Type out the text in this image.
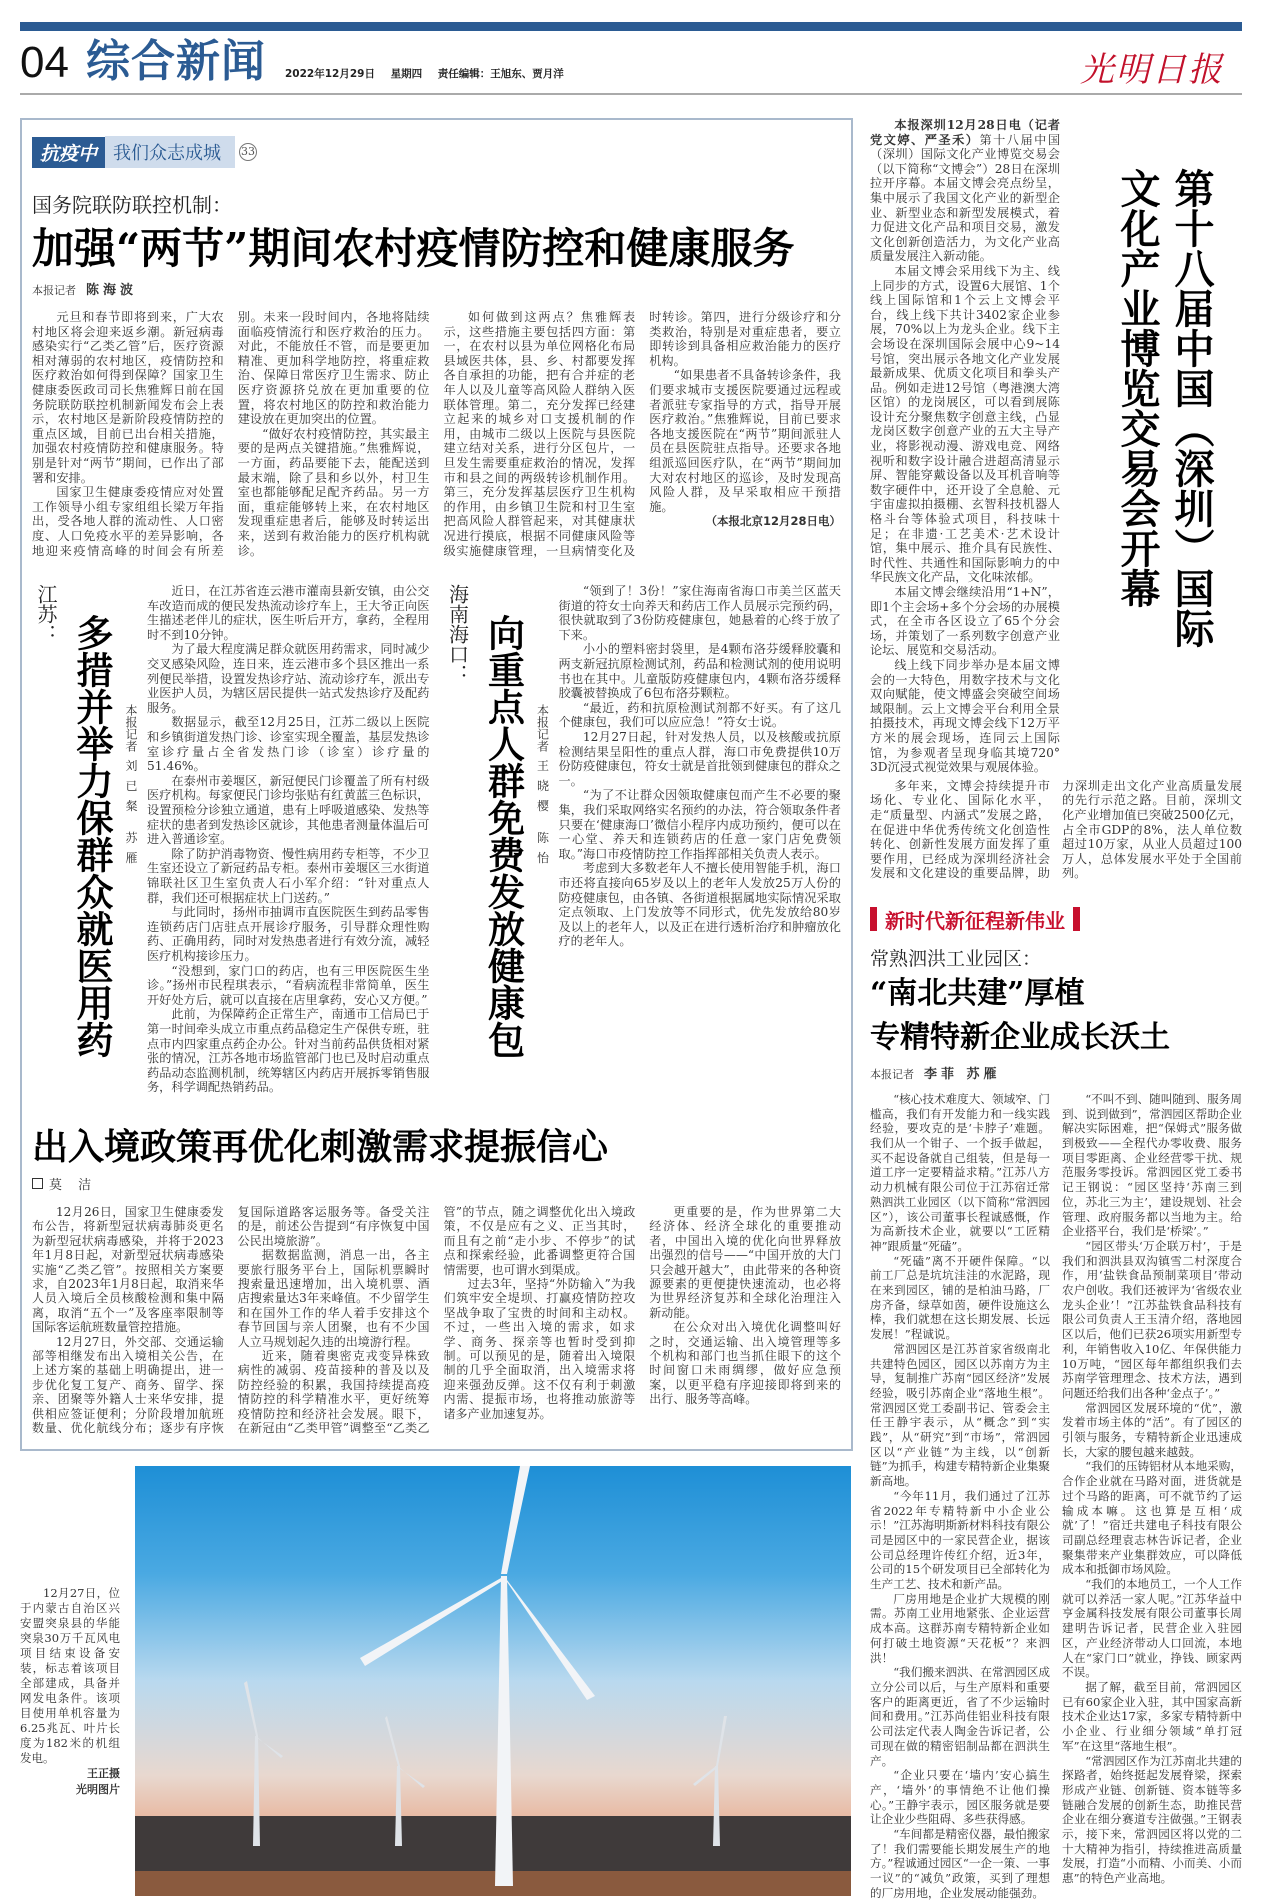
04 综合新闻 2022年12月29日 星期四 责任编辑：王旭东、贾月洋	光明日报
抗疫中 我们众志成城	33
国务院联防联控机制：
加强“两节”期间农村疫情防控和健康服务
本报记者 陈海波

元旦和春节即将到来，广大农村地区将会迎来返乡潮。新冠病毒感染实行“乙类乙管”后，医疗资源相对薄弱的农村地区，疫情防控和医疗救治如何得到保障？国家卫生健康委医政司司长焦雅辉日前在国务院联防联控机制新闻发布会上表示，农村地区是新阶段疫情防控的重点区域，目前已出台相关措施，加强农村疫情防控和健康服务。特别是针对“两节”期间，已作出了部署和安排。

国家卫生健康委疫情应对处置工作领导小组专家组组长梁万年指出，受各地人群的流动性、人口密度、人口免疫水平的差异影响，各地迎来疫情高峰的时间会有所差别。未来一段时间内，各地将陆续面临疫情流行和医疗救治的压力。对此，不能放任不管，而是要更加精准、更加科学地防控，将重症救治、保障日常医疗卫生需求、防止医疗资源挤兑放在更加重要的位置，将农村地区的防控和救治能力建设放在更加突出的位置。

“做好农村疫情防控，其实最主要的是两点关键措施。”焦雅辉说，一方面，药品要能下去，能配送到最末端，除了县和乡以外，村卫生室也都能够配足配齐药品。另一方面，重症能够转上来，在农村地区发现重症患者后，能够及时转运出来，送到有救治能力的医疗机构就诊。

如何做到这两点？焦雅辉表示，这些措施主要包括四方面：第一，在农村以县为单位网格化布局县域医共体，县、乡、村都要发挥各自承担的功能，把有合并症的老年人以及儿童等高风险人群纳入医联体管理。第二，充分发挥已经建立起来的城乡对口支援机制的作用，由城市二级以上医院与县医院建立结对关系，进行分区包片，一旦发生需要重症救治的情况，发挥市和县之间的两级转诊机制作用。第三，充分发挥基层医疗卫生机构的作用，由乡镇卫生院和村卫生室把高风险人群管起来，对其健康状况进行摸底，根据不同健康风险等级实施健康管理，一旦病情变化及时转诊。第四，进行分级诊疗和分类救治，特别是对重症患者，要立即转诊到具备相应救治能力的医疗机构。

“如果患者不具备转诊条件，我们要求城市支援医院要通过远程或者派驻专家指导的方式，指导开展医疗救治。”焦雅辉说，目前已要求各地支援医院在“两节”期间派驻人员在县医院驻点指导。还要求各地组派巡回医疗队，在“两节”期间加大对农村地区的巡诊，及时发现高风险人群，及早采取相应干预措施。

（本报北京12月28日电）
江苏： 多措并举力保群众就医用药 本报记者  刘已粲 苏雁

近日，在江苏省连云港市灌南县新安镇，由公交车改造而成的便民发热流动诊疗车上，王大爷正向医生描述老伴儿的症状，医生听后开方，拿药，全程用时不到10分钟。

为了最大程度满足群众就医用药需求，同时减少交叉感染风险，连日来，连云港市多个县区推出一系列便民举措，设置发热诊疗站、流动诊疗车，派出专业医护人员，为辖区居民提供一站式发热诊疗及配药服务。

数据显示，截至12月25日，江苏二级以上医院和乡镇街道发热门诊、诊室实现全覆盖，基层发热诊室诊疗量占全省发热门诊（诊室）诊疗量的51.46%。

在泰州市姜堰区，新冠便民门诊覆盖了所有村级医疗机构。每家便民门诊均张贴有红黄蓝三色标识，设置预检分诊独立通道，患有上呼吸道感染、发热等症状的患者到发热诊区就诊，其他患者测量体温后可进入普通诊室。

除了防护消毒物资、慢性病用药专柜等，不少卫生室还设立了新冠药品专柜。泰州市姜堰区三水街道锦联社区卫生室负责人石小军介绍：“针对重点人群，我们还可根据症状上门送药。”

与此同时，扬州市抽调市直医院医生到药品零售连锁药店门店驻点开展诊疗服务，引导群众理性购药、正确用药，同时对发热患者进行有效分流，减轻医疗机构接诊压力。

“没想到，家门口的药店，也有三甲医院医生坐诊。”扬州市民程琪表示，“看病流程非常简单，医生开好处方后，就可以直接在店里拿药，安心又方便。”

此前，为保障药企正常生产，南通市工信局已于第一时间牵头成立市重点药品稳定生产保供专班，驻点市内四家重点药企办公。针对当前药品供货相对紧张的情况，江苏各地市场监管部门也已及时启动重点药品动态监测机制，统筹辖区内药店开展拆零销售服务，科学调配热销药品。

海南海口： 向重点人群免费发放健康包 本报记者  王晓樱 陈怡

“领到了！3份！”家住海南省海口市美兰区蓝天街道的符女士向养天和药店工作人员展示完预约码，很快就取到了3份防疫健康包，她悬着的心终于放了下来。

小小的塑料密封袋里，是4颗布洛芬缓释胶囊和两支新冠抗原检测试剂，药品和检测试剂的使用说明书也在其中。儿童版防疫健康包内，4颗布洛芬缓释胶囊被替换成了6包布洛芬颗粒。

“最近，药和抗原检测试剂都不好买。有了这几个健康包，我们可以应应急！”符女士说。

12月27日起，针对发热人员，以及核酸或抗原检测结果呈阳性的重点人群，海口市免费提供10万份防疫健康包，符女士就是首批领到健康包的群众之一。

“为了不让群众因领取健康包而产生不必要的聚集，我们采取网络实名预约的办法，符合领取条件者只要在‘健康海口’微信小程序内成功预约，便可以在一心堂、养天和连锁药店的任意一家门店免费领取。”海口市疫情防控工作指挥部相关负责人表示。

考虑到大多数老年人不擅长使用智能手机，海口市还将直接向65岁及以上的老年人发放25万人份的防疫健康包，由各镇、各街道根据属地实际情况采取定点领取、上门发放等不同形式，优先发放给80岁及以上的老年人，以及正在进行透析治疗和肿瘤放化疗的老年人。

出入境政策再优化刺激需求提振信心
莫 洁

12月26日，国家卫生健康委发布公告，将新型冠状病毒肺炎更名为新型冠状病毒感染，并将于2023年1月8日起，对新型冠状病毒感染实施“乙类乙管”。按照相关方案要求，自2023年1月8日起，取消来华人员入境后全员核酸检测和集中隔离，取消“五个一”及客座率限制等国际客运航班数量管控措施。

12月27日，外交部、交通运输部等相继发布出入境相关公告，在上述方案的基础上明确提出，进一步优化复工复产、商务、留学、探亲、团聚等外籍人士来华安排，提供相应签证便利；分阶段增加航班数量、优化航线分布；逐步有序恢复国际道路客运服务等。备受关注的是，前述公告提到“有序恢复中国公民出境旅游”。

据数据监测，消息一出，各主要旅行服务平台上，国际机票瞬时搜索量迅速增加，出入境机票、酒店搜索量达3年来峰值。不少留学生和在国外工作的华人着手安排这个春节回国与亲人团聚，也有不少国人立马规划起久违的出境游行程。

近来，随着奥密克戎变异株致病性的减弱、疫苗接种的普及以及防控经验的积累，我国持续提高疫情防控的科学精准水平，更好统筹疫情防控和经济社会发展。眼下，在新冠由“乙类甲管”调整至“乙类乙管”的节点，随之调整优化出入境政策，不仅是应有之义、正当其时，而且有之前“走小步、不停步”的试点和探索经验，此番调整更符合国情需要，也可谓水到渠成。

过去3年，坚持“外防输入”为我们筑牢安全堤坝、打赢疫情防控攻坚战争取了宝贵的时间和主动权。不过，一些出入境的需求，如求学、商务、探亲等也暂时受到抑制。可以预见的是，随着出入境限制的几乎全面取消，出入境需求将迎来强劲反弹。这不仅有利于刺激内需、提振市场，也将推动旅游等诸多产业加速复苏。

更重要的是，作为世界第二大经济体、经济全球化的重要推动者，中国出入境的优化向世界释放出强烈的信号——“中国开放的大门只会越开越大”，由此带来的各种资源要素的更便捷快速流动，也必将为世界经济复苏和全球化治理注入新动能。

在公众对出入境优化调整叫好之时，交通运输、出入境管理等多个机构和部门也当抓住眼下的这个时间窗口未雨绸缪，做好应急预案，以更平稳有序迎接即将到来的出行、服务等高峰。

12月27日，位于内蒙古自治区兴安盟突泉县的华能突泉30万千瓦风电项目结束设备安装，标志着该项目全部建成，具备并网发电条件。该项目使用单机容量为6.25兆瓦、叶片长度为182米的机组发电。

王正摄
光明图片

本报深圳12月28日电（记者党文婷、严圣禾）第十八届中国（深圳）国际文化产业博览交易会（以下简称“文博会”）28日在深圳拉开序幕。本届文博会亮点纷呈，集中展示了我国文化产业的新型企业、新型业态和新型发展模式，着力促进文化产品和项目交易，激发文化创新创造活力，为文化产业高质量发展注入新动能。

本届文博会采用线下为主、线上同步的方式，设置6大展馆、1个线上国际馆和1个云上文博会平台，线上线下共计3402家企业参展，70%以上为龙头企业。线下主会场设在深圳国际会展中心9~14号馆，突出展示各地文化产业发展最新成果、优质文化项目和拳头产品。例如走进12号馆（粤港澳大湾区馆）的龙岗展区，可以看到展陈设计充分聚焦数字创意主线，凸显龙岗区数字创意产业的五大主导产业，将影视动漫、游戏电竞、网络视听和数字设计融合进超高清显示屏、智能穿戴设备以及耳机音响等数字硬件中，还开设了全息舱、元宇宙虚拟拍摄棚、玄智科技机器人格斗台等体验式项目，科技味十足；在非遗·工艺美术·艺术设计馆，集中展示、推介具有民族性、时代性、共通性和国际影响力的中华民族文化产品，文化味浓郁。

本届文博会继续沿用“1+N”，即1个主会场+多个分会场的办展模式，在全市各区设立了65个分会场，并策划了一系列数字创意产业论坛、展览和交易活动。

线上线下同步举办是本届文博会的一大特色，用数字技术与文化双向赋能，使文博盛会突破空间场域限制。云上文博会平台利用全景拍摄技术，再现文博会线下12万平方米的展会现场，连同云上国际馆，为参观者呈现身临其境720° 3D沉浸式视觉效果与观展体验。

第十八届中国（深圳）国际
文化产业博览交易会开幕

多年来，文博会持续提升市场化、专业化、国际化水平，走“质量型、内涵式”发展之路，在促进中华优秀传统文化创造性转化、创新性发展方面发挥了重要作用，已经成为深圳经济社会发展和文化建设的重要品牌，助力深圳走出文化产业高质量发展的先行示范之路。目前，深圳文化产业增加值已突破2500亿元，占全市GDP的8%，法人单位数超过10万家，从业人员超过100万人，总体发展水平处于全国前列。

新时代新征程新伟业
常熟泗洪工业园区：
“南北共建”厚植
专精特新企业成长沃土
本报记者 李菲 苏雁

“核心技术难度大、领域窄、门槛高，我们有开发能力和一线实践经验，要攻克的是‘卡脖子’难题。我们从一个钳子、一个扳手做起，买不起设备就自己组装，但是每一道工序一定要精益求精。”江苏八方动力机械有限公司位于江苏宿迁常熟泗洪工业园区（以下简称“常泗园区”），该公司董事长程诚感慨，作为高新技术企业，就要以“工匠精神”跟质量“死磕”。

“死磕”离不开硬件保障。“以前工厂总是坑坑洼洼的水泥路，现在来到园区，铺的是柏油马路，厂房齐备，绿草如茵，硬件设施这么棒，我们就想在这长期发展、长远发展！”程诚说。

常泗园区是江苏首家省级南北共建特色园区，园区以苏南方为主导，复制推广苏南“园区经济”发展经验，吸引苏南企业“落地生根”。常泗园区党工委副书记、管委会主任王静宇表示，从“概念”到“实践”，从“研究”到“市场”，常泗园区以“产业链”为主线，以“创新链”为抓手，构建专精特新企业集聚新高地。

“今年11月，我们通过了江苏省2022年专精特新中小企业公示！”江苏海明斯新材料科技有限公司是园区中的一家民营企业，据该公司总经理许传红介绍，近3年，公司的15个研发项目已全部转化为生产工艺、技术和新产品。

厂房用地是企业扩大规模的刚需。苏南工业用地紧张、企业运营成本高。这群苏南专精特新企业如何打破土地资源“天花板”？来泗洪！

“我们搬来泗洪、在常泗园区成立分公司以后，与生产原料和重要客户的距离更近，省了不少运输时间和费用。”江苏尚佳铝业科技有限公司法定代表人陶金告诉记者，公司现在做的精密铝制品都在泗洪生产。

“企业只要在‘墙内’安心搞生产，‘墙外’的事情绝不让他们操心。”王静宇表示，园区服务就是要让企业少些阻碍、多些获得感。

“车间都是精密仪器，最怕搬家了！我们需要能长期发展生产的地方。”程诚通过园区“一企一策、一事一议”的“减负”政策，买到了理想的厂房用地，企业发展动能强劲。

“不叫不到、随叫随到、服务周到、说到做到”，常泗园区帮助企业解决实际困难，把“保姆式”服务做到极致——全程代办零收费、服务项目零距离、企业经营零干扰、规范服务零投诉。常泗园区党工委书记王钢说：“园区坚持‘苏南三到位，苏北三为主’，建设规划、社会管理、政府服务都以当地为主。给企业搭平台，我们是‘桥梁’。”

“园区带头‘万企联万村’，于是我们和泗洪县双沟镇雪二村深度合作，用‘盐铁食品预制菜项目’带动农户创收。我们还被评为‘省级农业龙头企业’！”江苏盐铁食品科技有限公司负责人王玉清介绍，落地园区以后，他们已获26项实用新型专利，年销售收入10亿、年保供能力10万吨，“园区每年都组织我们去苏南学管理理念、技术方法，遇到问题还给我们出各种‘金点子’。”

常泗园区发展环境的“优”，激发着市场主体的“活”。有了园区的引领与服务，专精特新企业迅速成长，大家的腰包越来越鼓。

“我们的压铸铝材从本地采购，合作企业就在马路对面，进货就是过个马路的距离，可不就节约了运输成本嘛。这也算是互相‘成就’了！”宿迁共建电子科技有限公司副总经理袁志林告诉记者，企业聚集带来产业集群效应，可以降低成本和抵御市场风险。

“我们的本地员工，一个人工作就可以养活一家人呢。”江苏华益中亨金属科技发展有限公司董事长周建明告诉记者，民营企业入驻园区，产业经济带动人口回流，本地人在“家门口”就业，挣钱、顾家两不误。

据了解，截至目前，常泗园区已有60家企业入驻，其中国家高新技术企业达17家，多家专精特新中小企业、行业细分领域“单打冠军”在这里“落地生根”。

“常泗园区作为江苏南北共建的探路者，始终挺起发展脊梁，探索形成产业链、创新链、资本链等多链融合发展的创新生态，助推民营企业在细分赛道专注做强。”王钢表示，接下来，常泗园区将以党的二十大精神为指引，持续推进高质量发展，打造“小而精、小而美、小而惠”的特色产业高地。
